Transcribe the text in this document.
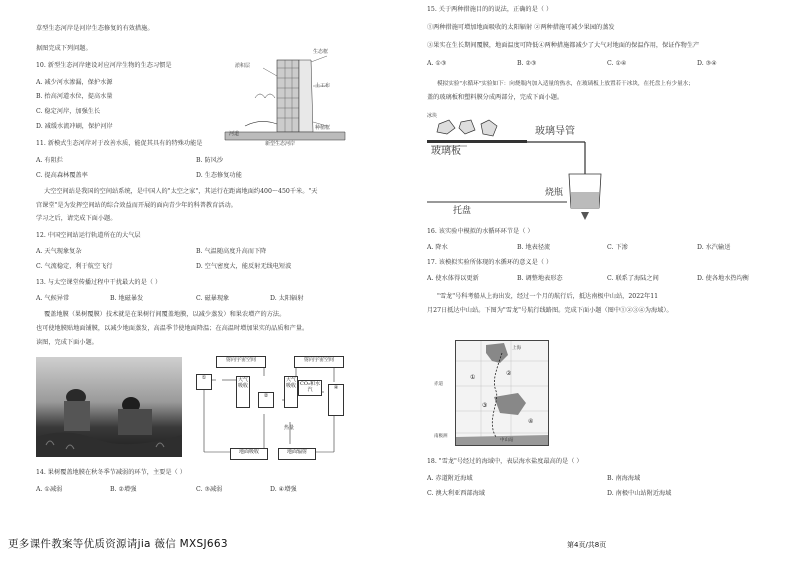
草型生态河岸是河岸生态修复的有效措施。
据图完成下列问题。
10. 新型生态河岸建设对应河岸生物的生态习惯是
A. 减少河水渗漏，保护水源
B. 抬高河道水位，提高水量
C. 稳定河岸，加强生长
D. 减缓水流冲刷，保护河岸
生态框
土工布
种植框
淤积层
河道
新型生态河岸
11. 新模式生态河岸对于改善水质，能促其具有的特殊功能是
A. 有阻拦	B. 防风沙
C. 提高森林覆盖率	D. 生态修复功能
大空空间站是我国的空间站系统，是中国人的"太空之家"，其运行在距离地面约400～450千米。"天
宫课堂"是为发挥空间站的综合效益而开展的面向青少年的科普教育活动。
学习之后，请完成下面小题。
12. 中国空间站运行轨道所在的大气层
A. 天气现象复杂	B. 气温随高度升高而下降
C. 气流稳定，利于航空飞行	D. 空气密度大，能反射无线电短波
13. 与太空课堂传播过程中干扰最大的是（ ）
A. 气候异常	B. 地磁暴发	C. 磁暴现象	D. 太阳辐射
覆盖地膜（果树覆膜）技术就是在果树行间覆盖地膜，以减少蒸发）和果农增产的方法。
也可使地膜贴地面铺膜，以减少地面蒸发，高温季节使地面降温；在高温时增加果实的品质和产量。
读图，完成下面小题。
射向宇宙空间	射向宇宙空间
①	大气吸收
②
大气吸收 CO₂和水汽	④
热量
地面吸收	地面辐射
14. 果树覆盖地膜在秋冬季节减弱的环节，主要是（ ）
A. ①减弱	B. ②增强	C. ③减弱	D. ④增强
更多课件教案等优质资源请jia 薇信 MXSJ663
15. 关于两种措施目的的说法，正确的是（ ）
①两种措施可增加地面吸收的太阳辐射 ②两种措施可减少果园的蒸发
③果实在生长期间覆膜，地面温度可降低④两种措施都减少了大气对地面的保温作用，保证作物生产
A. ①③	B. ②③	C. ①④	D. ③④
模拟实验"水循环"实验如下：向烧瓶内加入适量的热水，在玻璃板上放置若干冰块，在托盘上有少量水；
盖的玻璃板和塑料膜分成两部分，完成下面小题。
冰块
玻璃板
玻璃导管
托盘
烧瓶
16. 该实验中模拟的水循环环节是（ ）
A. 降水	B. 地表径流	C. 下渗	D. 水汽输送
17. 该模拟实验所体现的水循环的意义是（ ）
A. 使水体得以更新	B. 调整地表形态	C. 联系了海陆之间	D. 使各地水热均衡
"雪龙"号科考船从上海出发，经过一个月的航行后，抵达南极中山站，2022年11
月27日抵达中山站。下图为"雪龙"号航行线路图。完成下面小题（图中①②③④为海域）。
①
②
③
④
赤道
上海
南极洲
中山站
18. "雪龙"号经过的海域中，表层海水盐度最高的是（ ）
A. 赤道附近海域	B. 南海海域
C. 澳大利亚西部海域	D. 南极中山站附近海域
第4页/共8页
